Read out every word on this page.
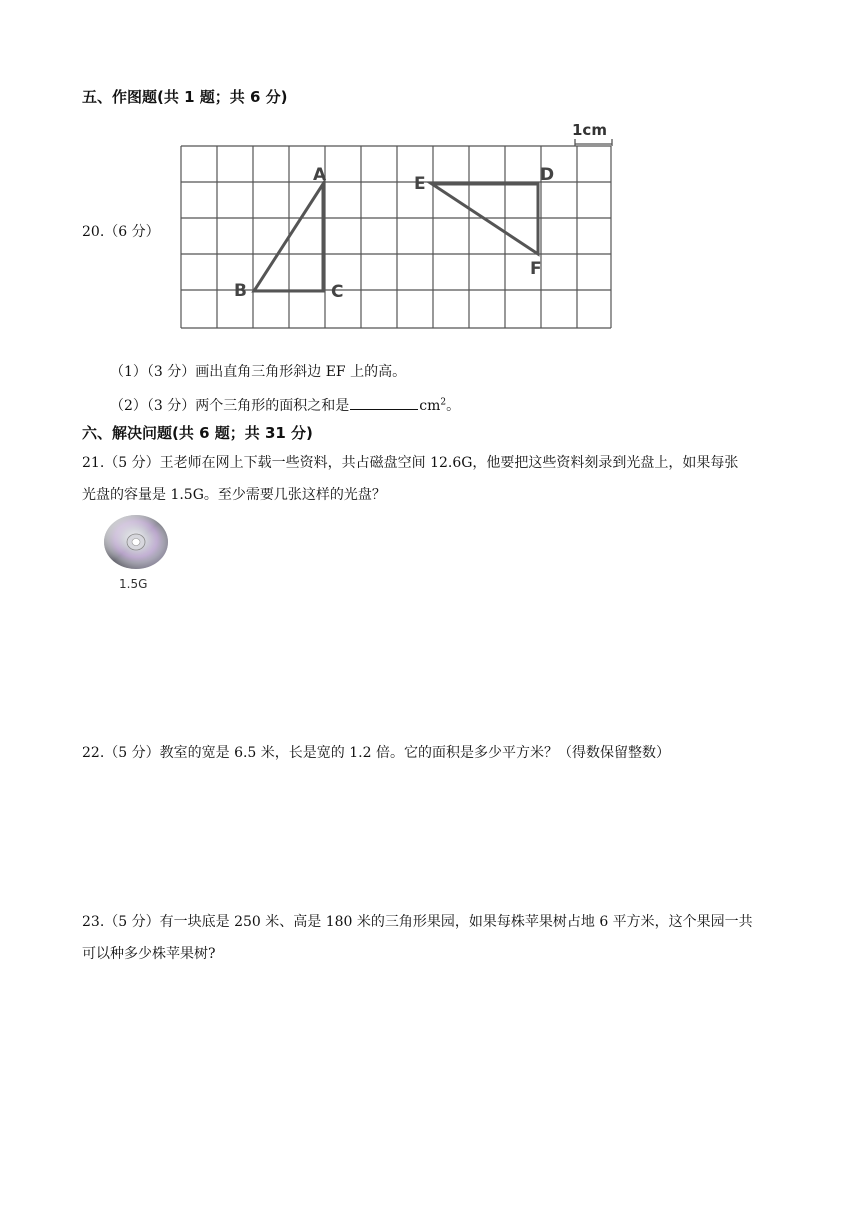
五、作图题(共 1 题；共 6 分)
20.（6 分）
1cm
A
B	C
D
E
F
（1）（3 分）画出直角三角形斜边 EF 上的高。
（2）（3 分）两个三角形的面积之和是	$cm^2$。
六、解决问题(共 6 题；共 31 分)
21.（5 分）王老师在网上下载一些资料，共占磁盘空间 12.6G，他要把这些资料刻录到光盘上，如果每张
光盘的容量是 1.5G。至少需要几张这样的光盘？
1.5G
22.（5 分）教室的宽是 6.5 米，长是宽的 1.2 倍。它的面积是多少平方米？（得数保留整数）
23.（5 分）有一块底是 250 米、高是 180 米的三角形果园，如果每株苹果树占地 6 平方米，这个果园一共
可以种多少株苹果树?
